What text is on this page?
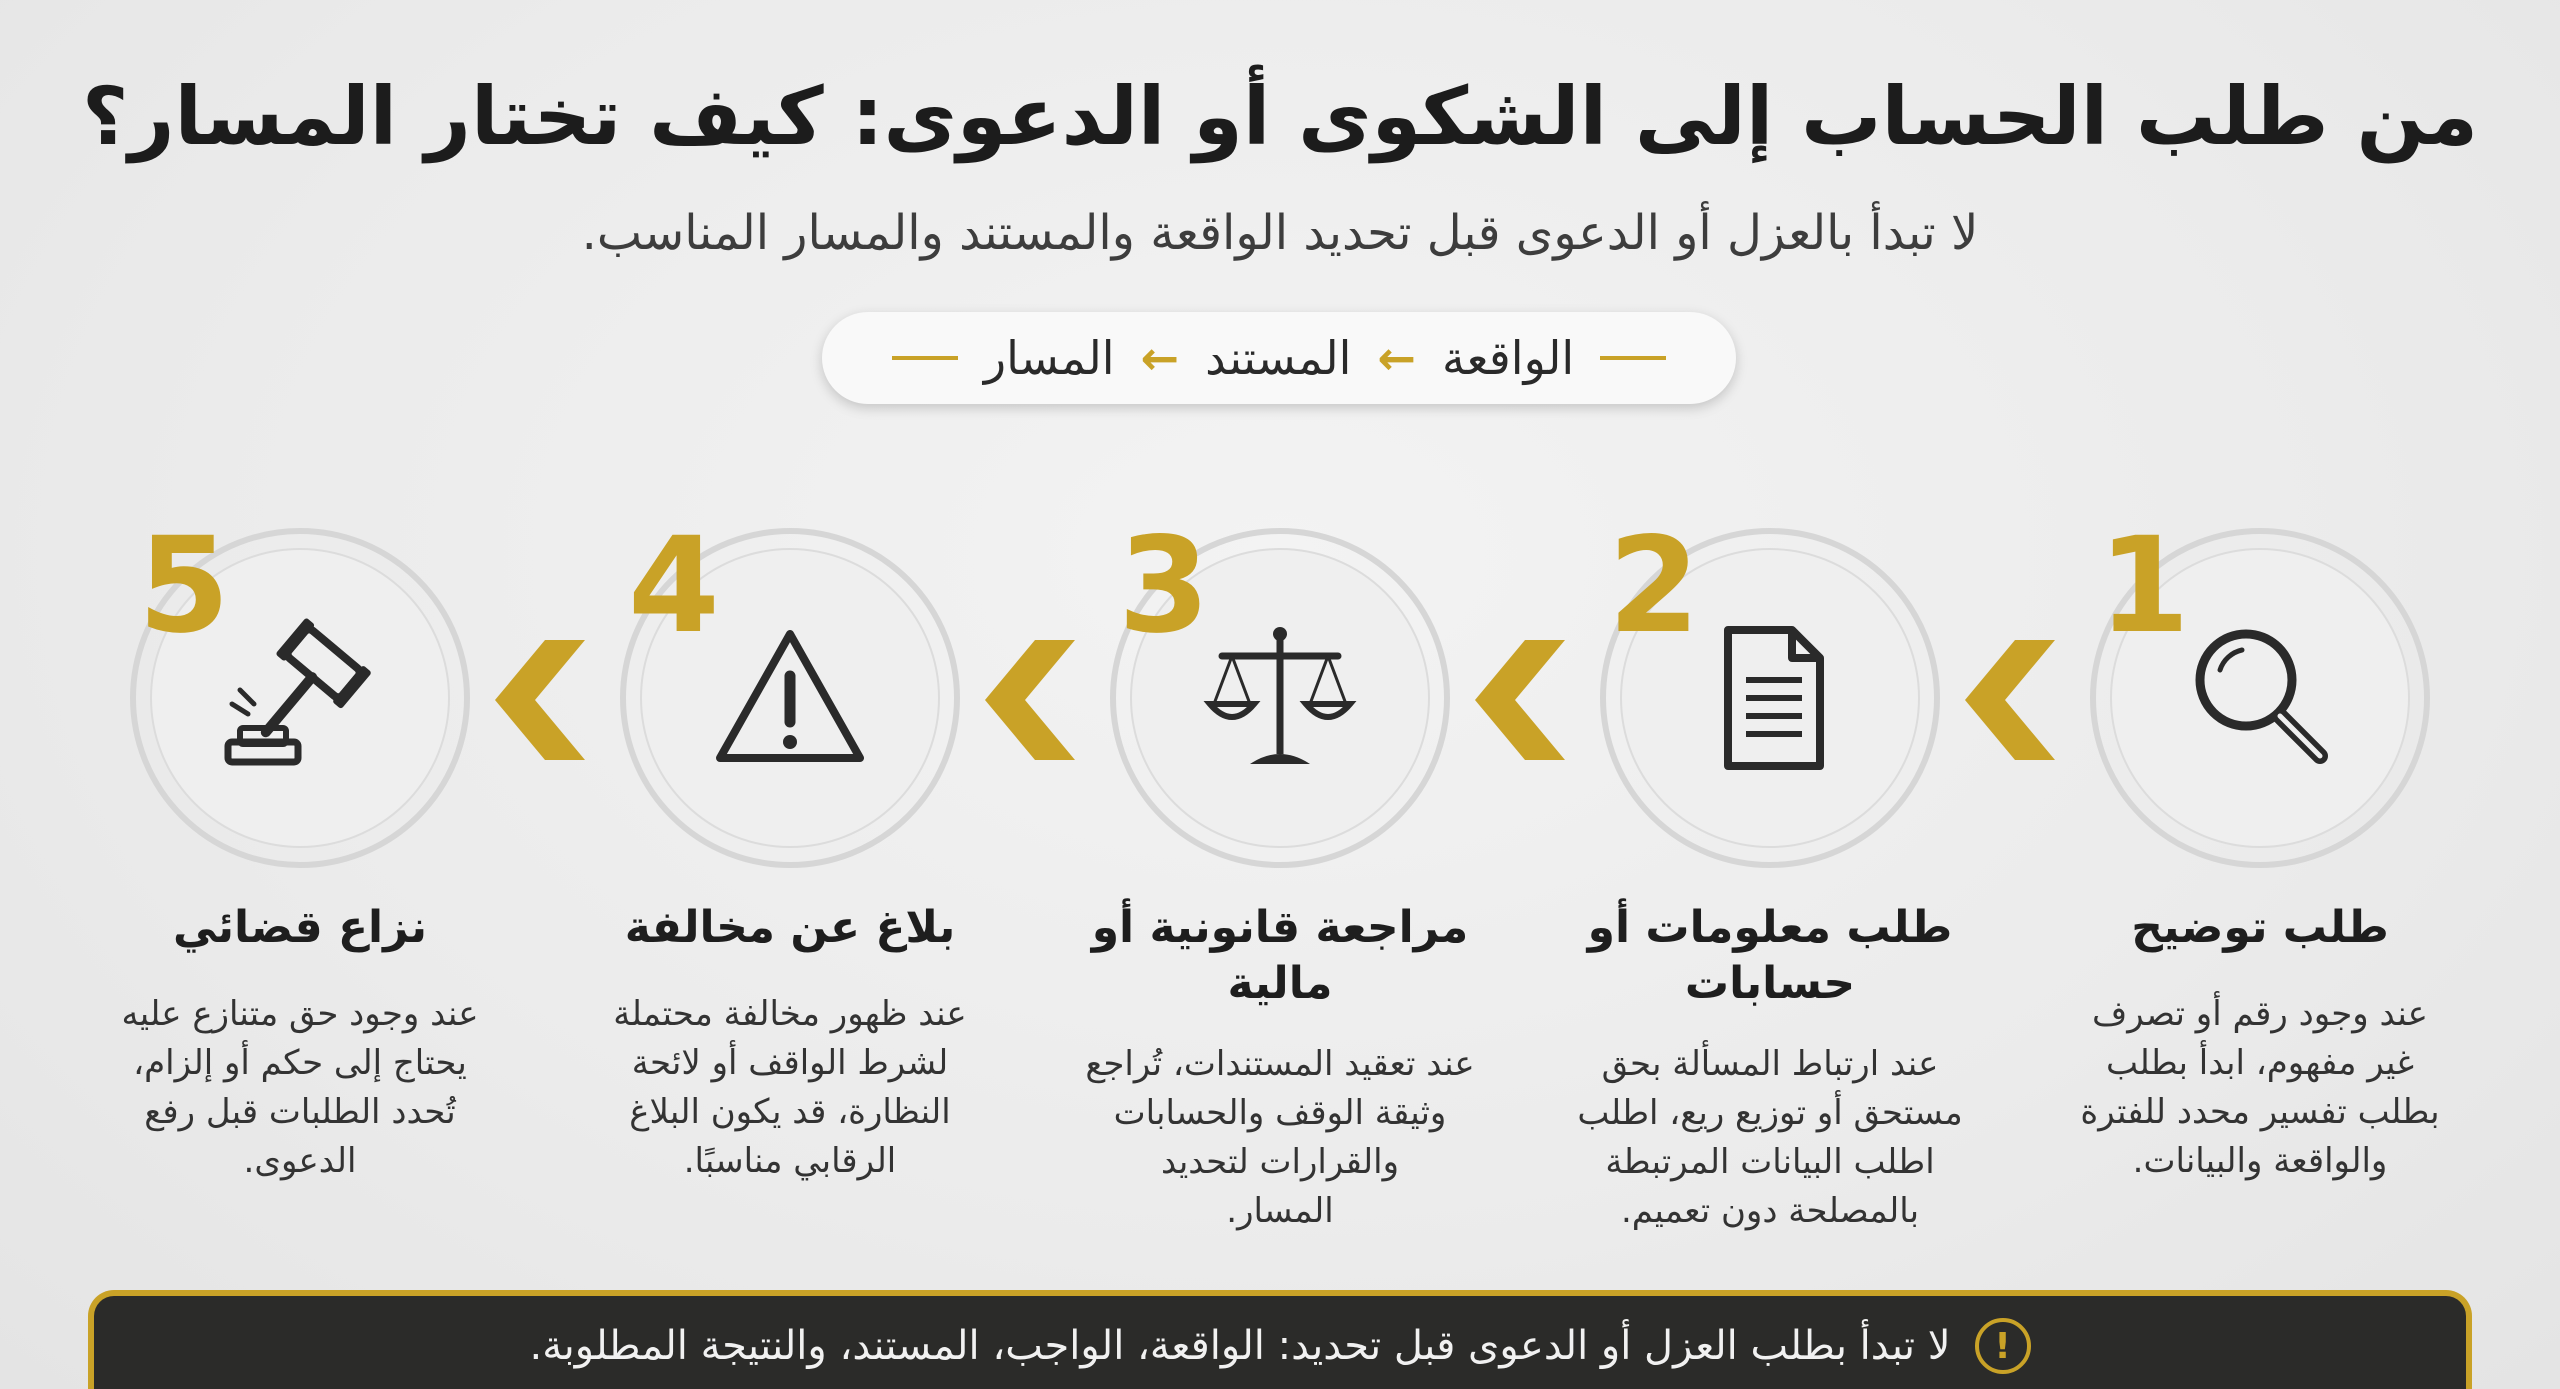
من طلب الحساب إلى الشكوى أو الدعوى: كيف تختار المسار؟
لا تبدأ بالعزل أو الدعوى قبل تحديد الواقعة والمستند والمسار المناسب.
الواقعة
←
المستند
←
المسار
1
2
3
4
5
طلب توضيح
طلب معلومات أو
حسابات
مراجعة قانونية أو
مالية
بلاغ عن مخالفة
نزاع قضائي
عند وجود رقم أو تصرف
غير مفهوم، ابدأ بطلب
بطلب تفسير محدد للفترة
والواقعة والبيانات.
عند ارتباط المسألة بحق
مستحق أو توزيع ريع، اطلب
اطلب البيانات المرتبطة
بالمصلحة دون تعميم.
عند تعقيد المستندات، تُراجع
وثيقة الوقف والحسابات
والقرارات لتحديد
المسار.
عند ظهور مخالفة محتملة
لشرط الواقف أو لائحة
النظارة، قد يكون البلاغ
الرقابي مناسبًا.
عند وجود حق متنازع عليه
يحتاج إلى حكم أو إلزام،
تُحدد الطلبات قبل رفع
الدعوى.
!
لا تبدأ بطلب العزل أو الدعوى قبل تحديد: الواقعة، الواجب، المستند، والنتيجة المطلوبة.
